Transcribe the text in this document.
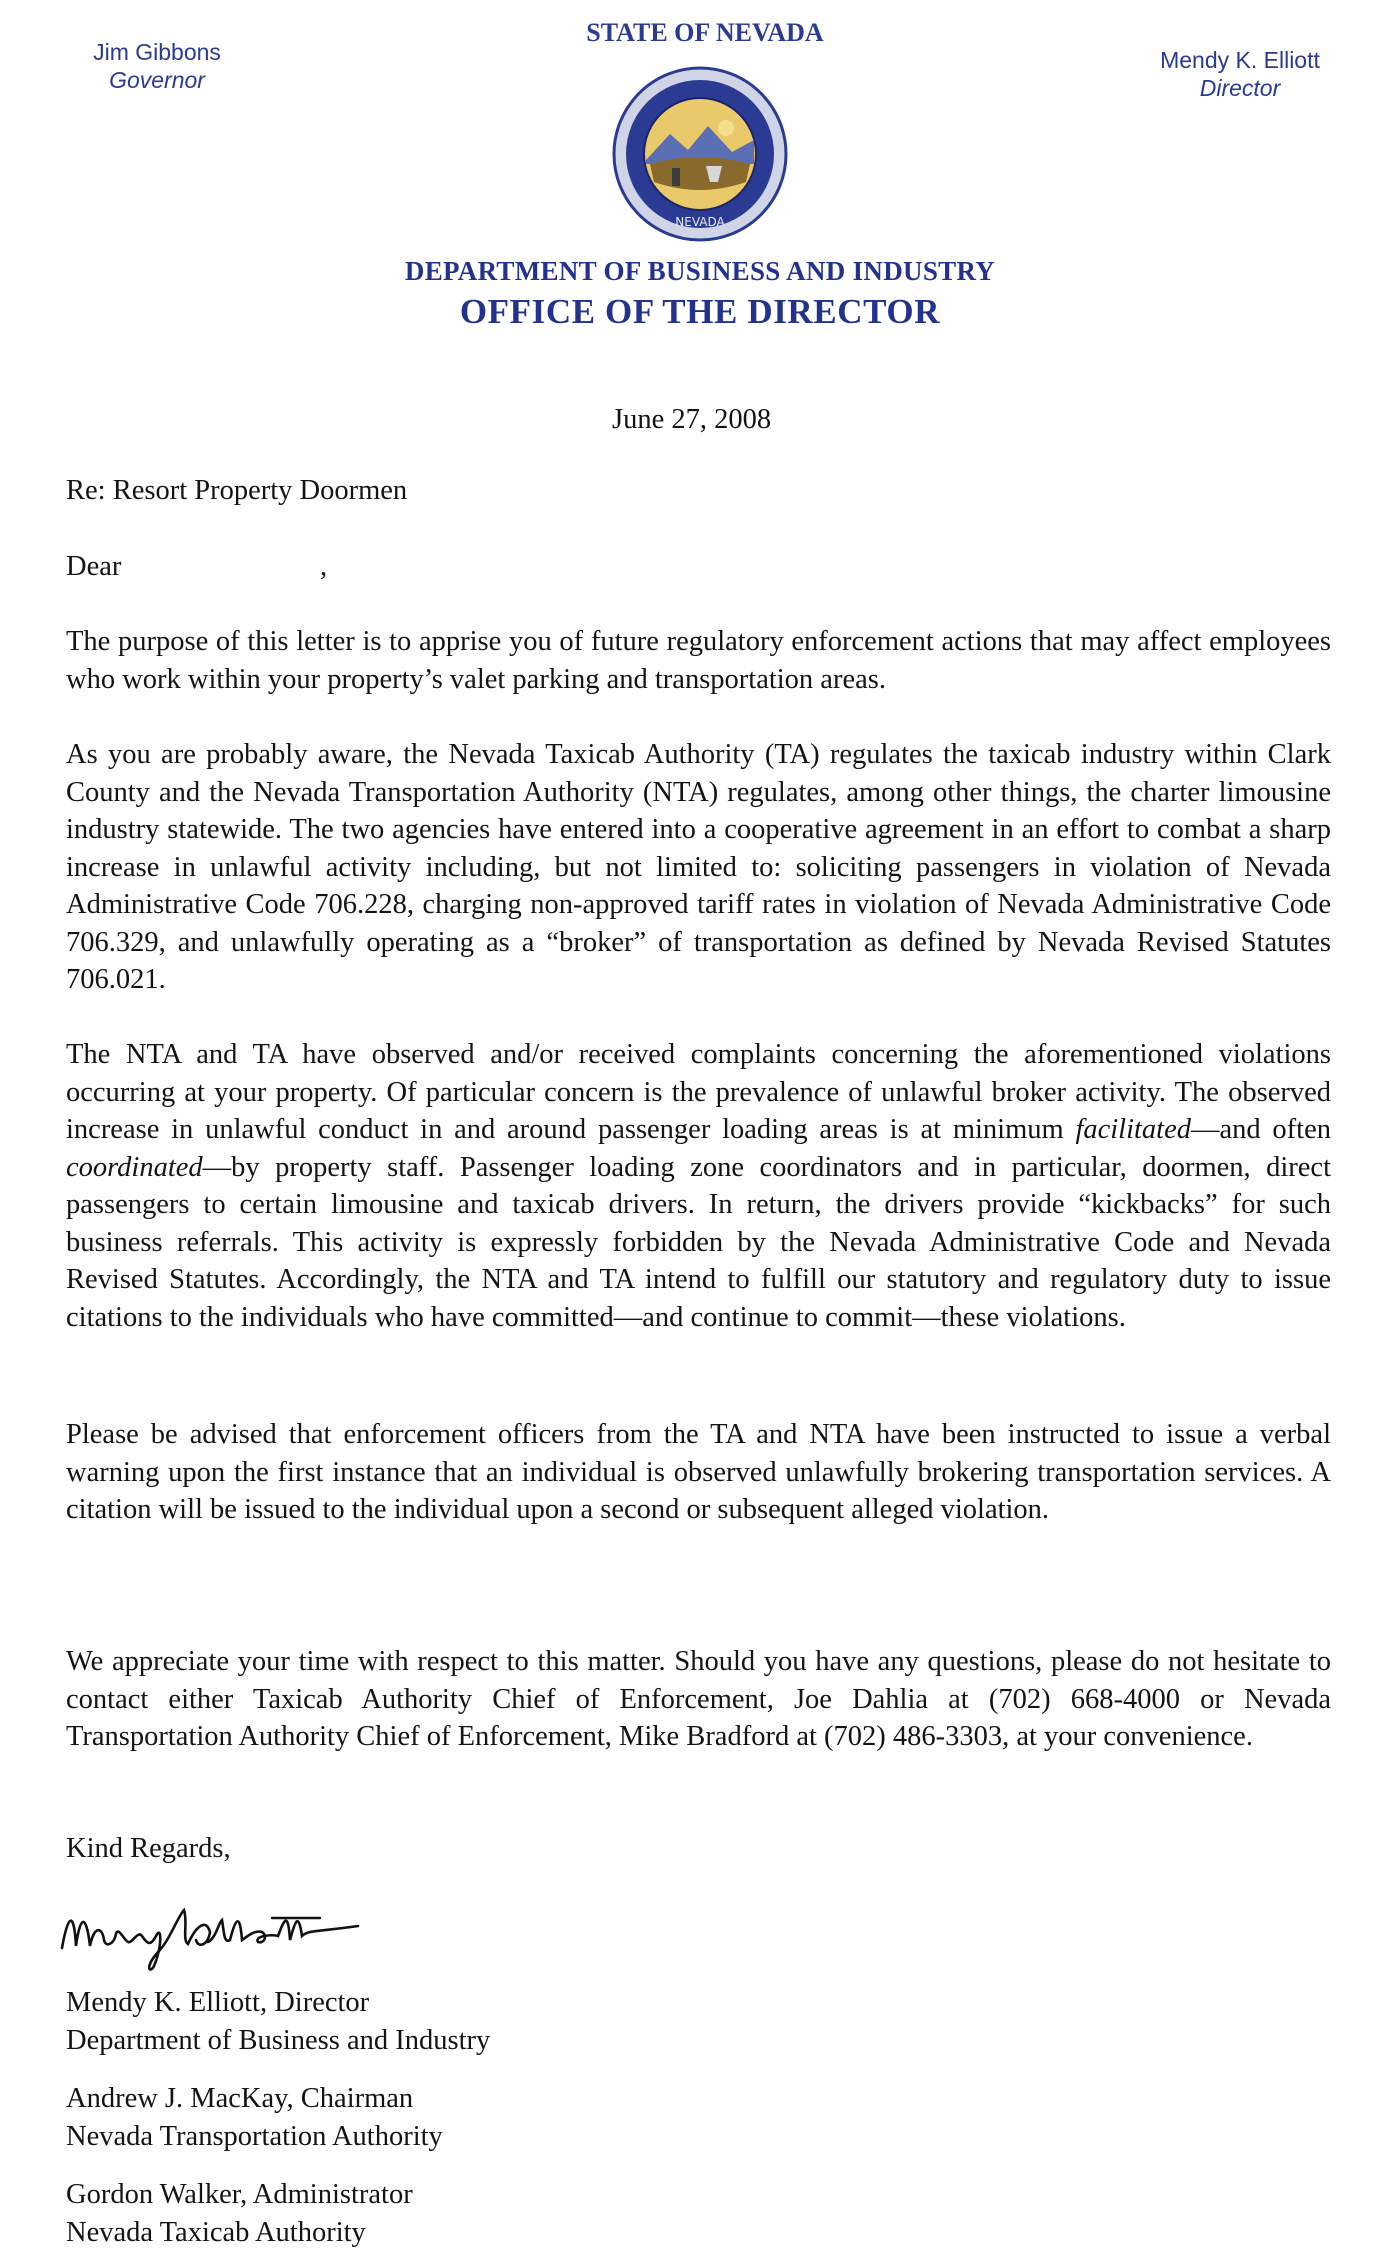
Jim Gibbons
Governor
STATE OF NEVADA
Mendy K. Elliott
Director
NEVADA
DEPARTMENT OF BUSINESS AND INDUSTRY
OFFICE OF THE DIRECTOR
June 27, 2008
Re: Resort Property Doormen
Dear	,
The purpose of this letter is to apprise you of future regulatory enforcement actions that may affect employees who work within your property’s valet parking and transportation areas.
As you are probably aware, the Nevada Taxicab Authority (TA) regulates the taxicab industry within Clark County and the Nevada Transportation Authority (NTA) regulates, among other things, the charter limousine industry statewide. The two agencies have entered into a cooperative agreement in an effort to combat a sharp increase in unlawful activity including, but not limited to: soliciting passengers in violation of Nevada Administrative Code 706.228, charging non-approved tariff rates in violation of Nevada Administrative Code 706.329, and unlawfully operating as a “broker” of transportation as defined by Nevada Revised Statutes 706.021.
The NTA and TA have observed and/or received complaints concerning the aforementioned violations occurring at your property. Of particular concern is the prevalence of unlawful broker activity. The observed increase in unlawful conduct in and around passenger loading areas is at minimum facilitated—and often coordinated—by property staff. Passenger loading zone coordinators and in particular, doormen, direct passengers to certain limousine and taxicab drivers. In return, the drivers provide “kickbacks” for such business referrals. This activity is expressly forbidden by the Nevada Administrative Code and Nevada Revised Statutes. Accordingly, the NTA and TA intend to fulfill our statutory and regulatory duty to issue citations to the individuals who have committed—and continue to commit—these violations.
Please be advised that enforcement officers from the TA and NTA have been instructed to issue a verbal warning upon the first instance that an individual is observed unlawfully brokering transportation services. A citation will be issued to the individual upon a second or subsequent alleged violation.
We appreciate your time with respect to this matter. Should you have any questions, please do not hesitate to contact either Taxicab Authority Chief of Enforcement, Joe Dahlia at (702) 668-4000 or Nevada Transportation Authority Chief of Enforcement, Mike Bradford at (702) 486-3303, at your convenience.
Kind Regards,
Mendy K. Elliott, Director
Department of Business and Industry
Andrew J. MacKay, Chairman
Nevada Transportation Authority
Gordon Walker, Administrator
Nevada Taxicab Authority
